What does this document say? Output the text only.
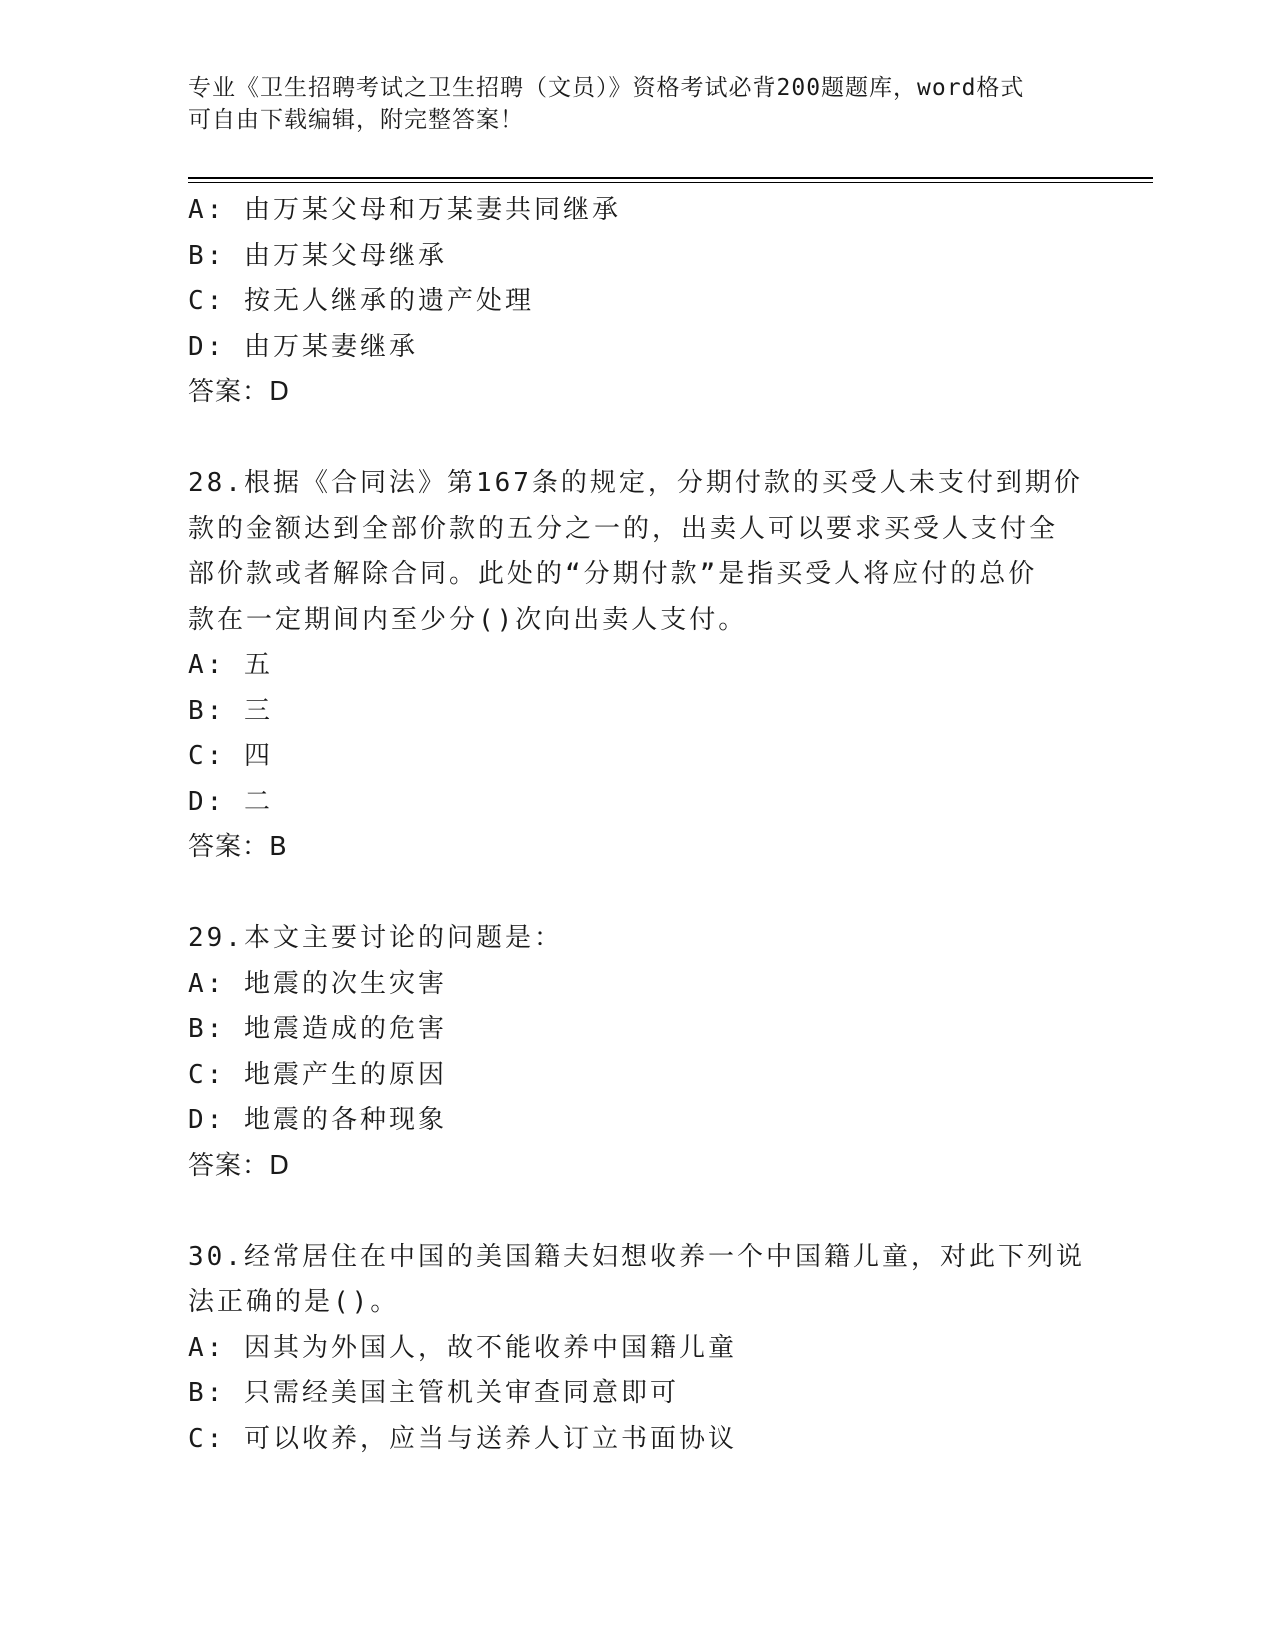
专业《卫生招聘考试之卫生招聘（文员）》资格考试必背200题题库，word格式
可自由下载编辑，附完整答案！
A: 由万某父母和万某妻共同继承
B: 由万某父母继承
C: 按无人继承的遗产处理
D: 由万某妻继承
答案：D
28.根据《合同法》第167条的规定，分期付款的买受人未支付到期价
款的金额达到全部价款的五分之一的，出卖人可以要求买受人支付全
部价款或者解除合同。此处的“分期付款”是指买受人将应付的总价
款在一定期间内至少分()次向出卖人支付。
A: 五
B: 三
C: 四
D: 二
答案：B
29.本文主要讨论的问题是：
A: 地震的次生灾害
B: 地震造成的危害
C: 地震产生的原因
D: 地震的各种现象
答案：D
30.经常居住在中国的美国籍夫妇想收养一个中国籍儿童，对此下列说
法正确的是()。
A: 因其为外国人，故不能收养中国籍儿童
B: 只需经美国主管机关审查同意即可
C: 可以收养，应当与送养人订立书面协议
